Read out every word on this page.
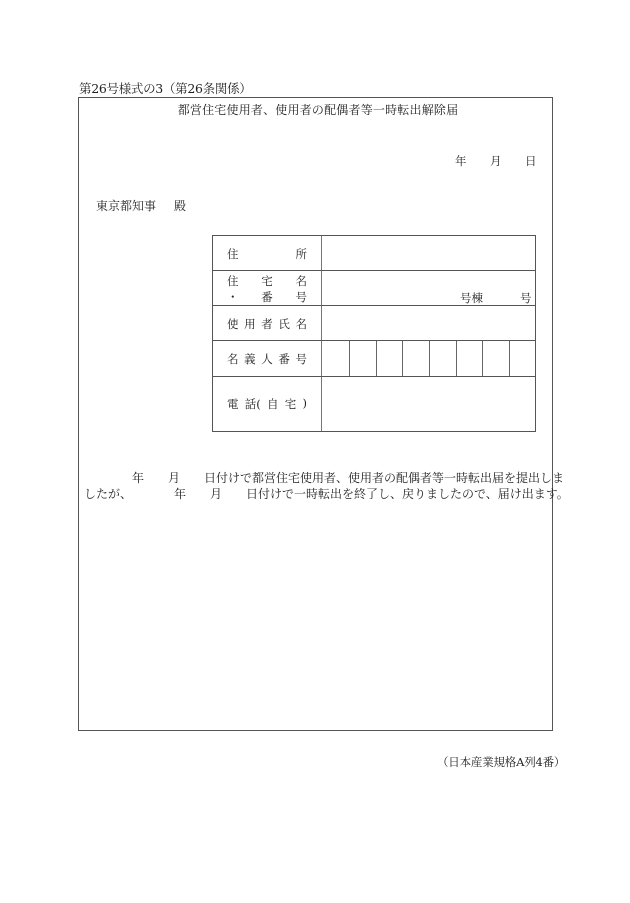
第26号様式の3（第26条関係）
都営住宅使用者、使用者の配偶者等一時転出解除届
年 月 日
東京都知事 殿
住	所
住 宅 名
・ 番 号	号棟	号
使 用 者 氏 名
名 義 人 番 号
電 話( 自 宅 )
　　　　年　　月　　日付けで都営住宅使用者、使用者の配偶者等一時転出届を提出しま
したが、　　　　年　　月　　日付けで一時転出を終了し、戻りましたので、届け出ます。
（日本産業規格A列4番）
